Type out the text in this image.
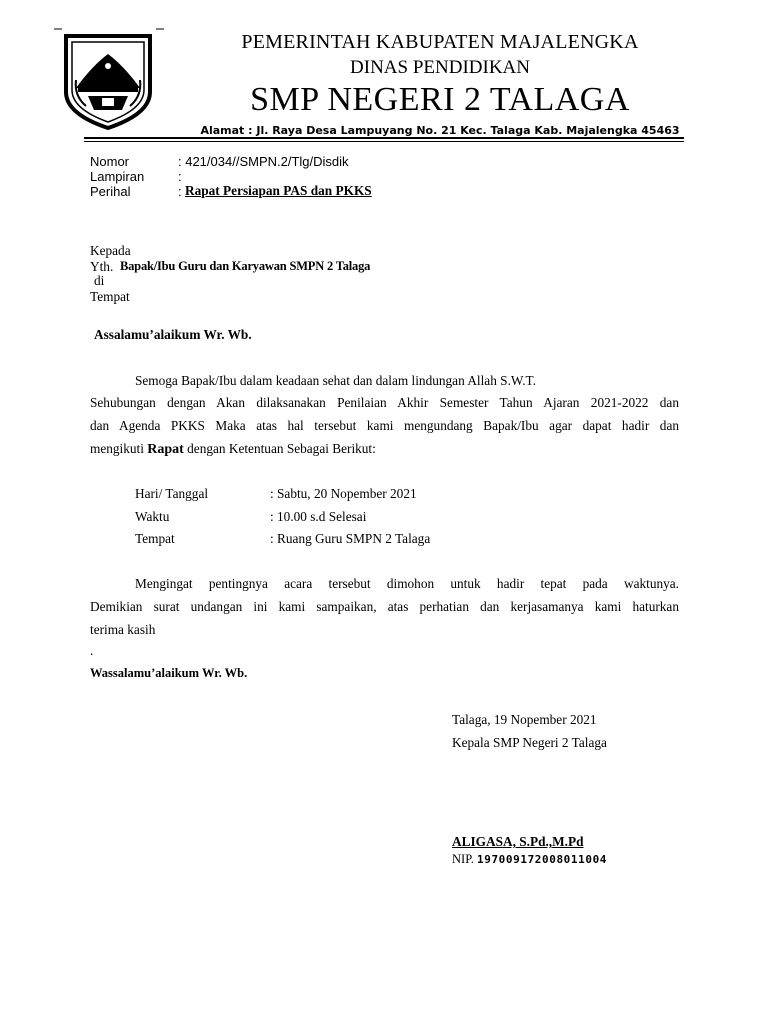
PEMERINTAH KABUPATEN MAJALENGKA
DINAS PENDIDIKAN
SMP NEGERI 2 TALAGA
Alamat : Jl. Raya Desa Lampuyang No. 21 Kec. Talaga Kab. Majalengka 45463
Nomor	: 421/034//SMPN.2/Tlg/Disdik
Lampiran	:
Perihal	: Rapat Persiapan PAS dan PKKS
Kepada
Yth. Bapak/Ibu Guru dan Karyawan SMPN 2 Talaga
di
Tempat
Assalamu’alaikum Wr. Wb.
Semoga Bapak/Ibu dalam keadaan sehat dan dalam lindungan Allah S.W.T.
Sehubungan dengan Akan dilaksanakan Penilaian Akhir Semester Tahun Ajaran 2021-2022 dan
dan Agenda PKKS Maka atas hal tersebut kami mengundang Bapak/Ibu agar dapat hadir dan
mengikuti Rapat dengan Ketentuan Sebagai Berikut:
Hari/ Tanggal	: Sabtu, 20 Nopember 2021
Waktu	: 10.00 s.d Selesai
Tempat	: Ruang Guru SMPN 2 Talaga
Mengingat pentingnya acara tersebut dimohon untuk hadir tepat pada waktunya.
Demikian surat undangan ini kami sampaikan, atas perhatian dan kerjasamanya kami haturkan
terima kasih
.
Wassalamu’alaikum Wr. Wb.
Talaga, 19 Nopember 2021
Kepala SMP Negeri 2 Talaga
ALIGASA, S.Pd.,M.Pd
NIP. 197009172008011004
